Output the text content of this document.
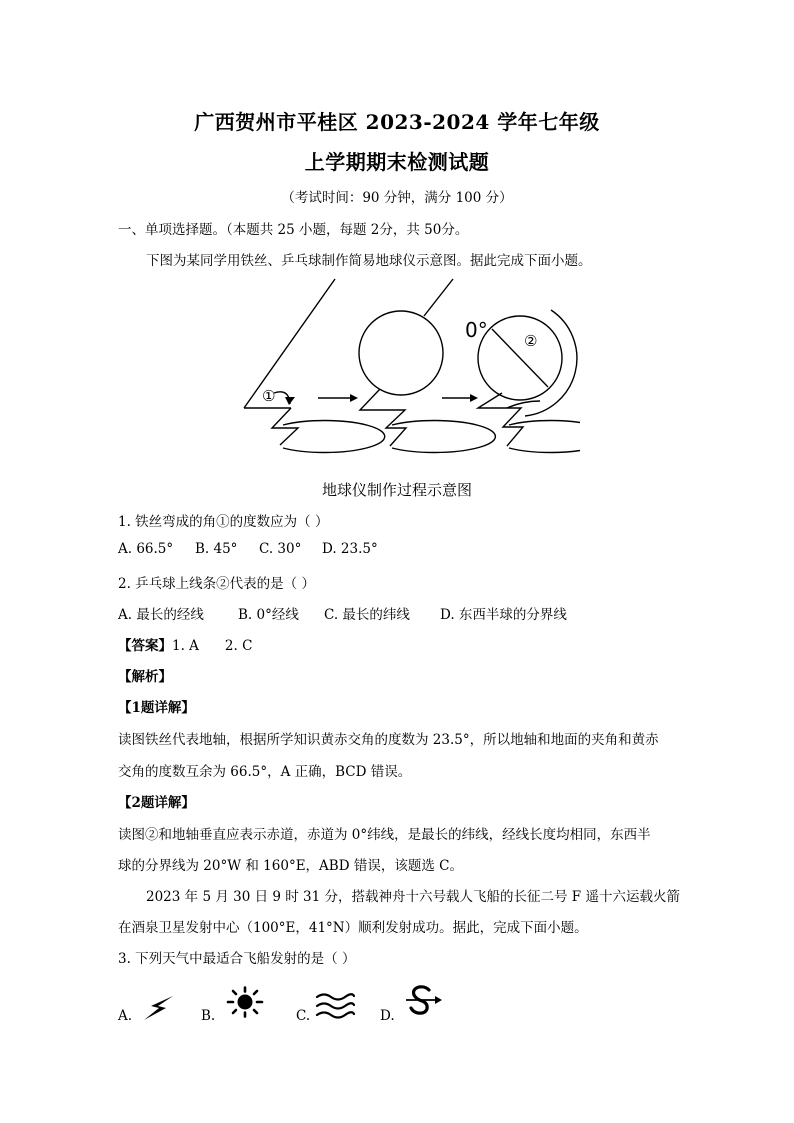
广西贺州市平桂区 2023-2024 学年七年级
上学期期末检测试题
（考试时间：90 分钟，满分 100 分）
一、单项选择题。（本题共 25 小题，每题 2分，共 50分。
下图为某同学用铁丝、乒乓球制作简易地球仪示意图。据此完成下面小题。
①
0° ②
地球仪制作过程示意图
1. 铁丝弯成的角①的度数应为（ ）
A. 66.5° B. 45° C. 30° D. 23.5°
2. 乒乓球上线条②代表的是（ ）
A. 最长的经线	B. 0°经线 C. 最长的纬线 D. 东西半球的分界线
【答案】1. A 2. C
【解析】
【1题详解】
读图铁丝代表地轴，根据所学知识黄赤交角的度数为 23.5°，所以地轴和地面的夹角和黄赤
交角的度数互余为 66.5°，A 正确，BCD 错误。
【2题详解】
读图②和地轴垂直应表示赤道，赤道为 0°纬线，是最长的纬线，经线长度均相同，东西半
球的分界线为 20°W 和 160°E，ABD 错误，该题选 C。
2023 年 5 月 30 日 9 时 31 分，搭载神舟十六号载人飞船的长征二号 F 遥十六运载火箭
在酒泉卫星发射中心（100°E，41°N）顺利发射成功。据此，完成下面小题。
3. 下列天气中最适合飞船发射的是（ ）
A.	B.	C.	D.
